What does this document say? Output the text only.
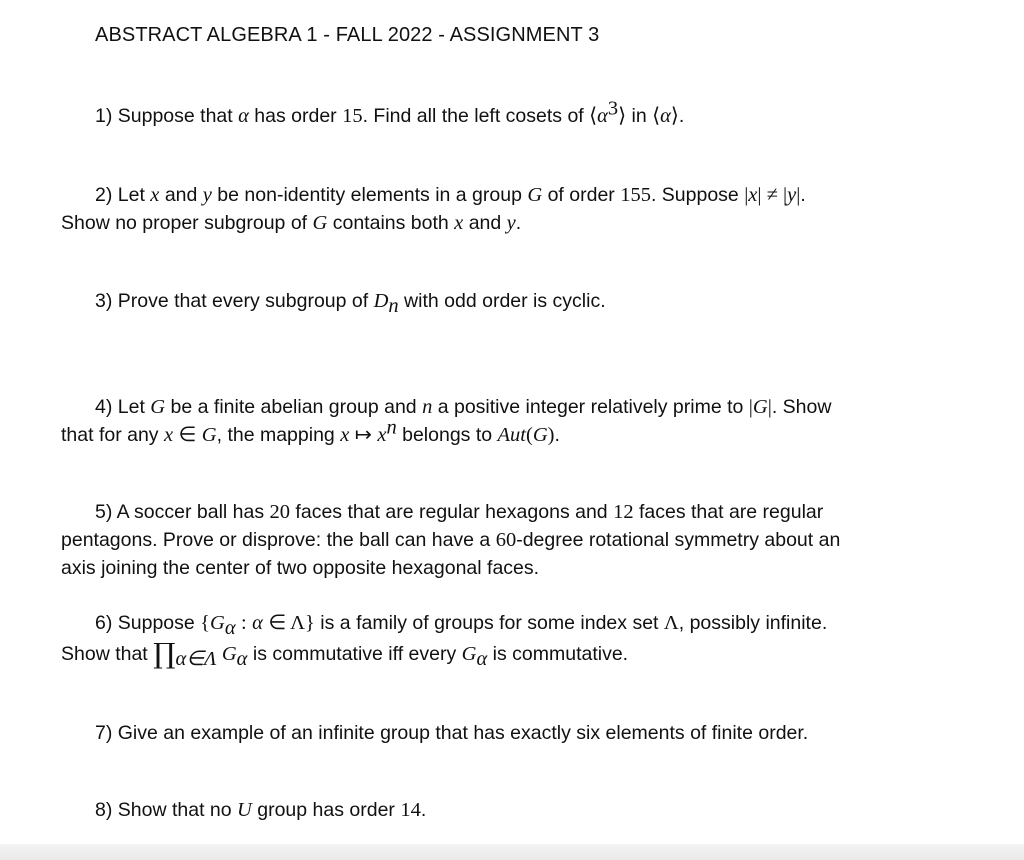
ABSTRACT ALGEBRA 1 - FALL 2022 - ASSIGNMENT 3
1) Suppose that α has order 15. Find all the left cosets of $⟨\alpha^3⟩$ in ⟨α⟩.
2) Let x and y be non-identity elements in a group G of order 155. Suppose |x| ≠ |y|.
Show no proper subgroup of G contains both x and y.
3) Prove that every subgroup of $D_n$ with odd order is cyclic.
4) Let G be a finite abelian group and n a positive integer relatively prime to |G|. Show
that for any x ∈ G, the mapping x ↦ $x^n$ belongs to Aut(G).
5) A soccer ball has 20 faces that are regular hexagons and 12 faces that are regular
pentagons. Prove or disprove: the ball can have a 60-degree rotational symmetry about an
axis joining the center of two opposite hexagonal faces.
6) Suppose {$G_\alpha$ : α ∈ Λ} is a family of groups for some index set Λ, possibly infinite.
Show that $\prod_{\alpha\in\Lambda}$ $G_\alpha$ is commutative iff every $G_\alpha$ is commutative.
7) Give an example of an infinite group that has exactly six elements of finite order.
8) Show that no U group has order 14.
